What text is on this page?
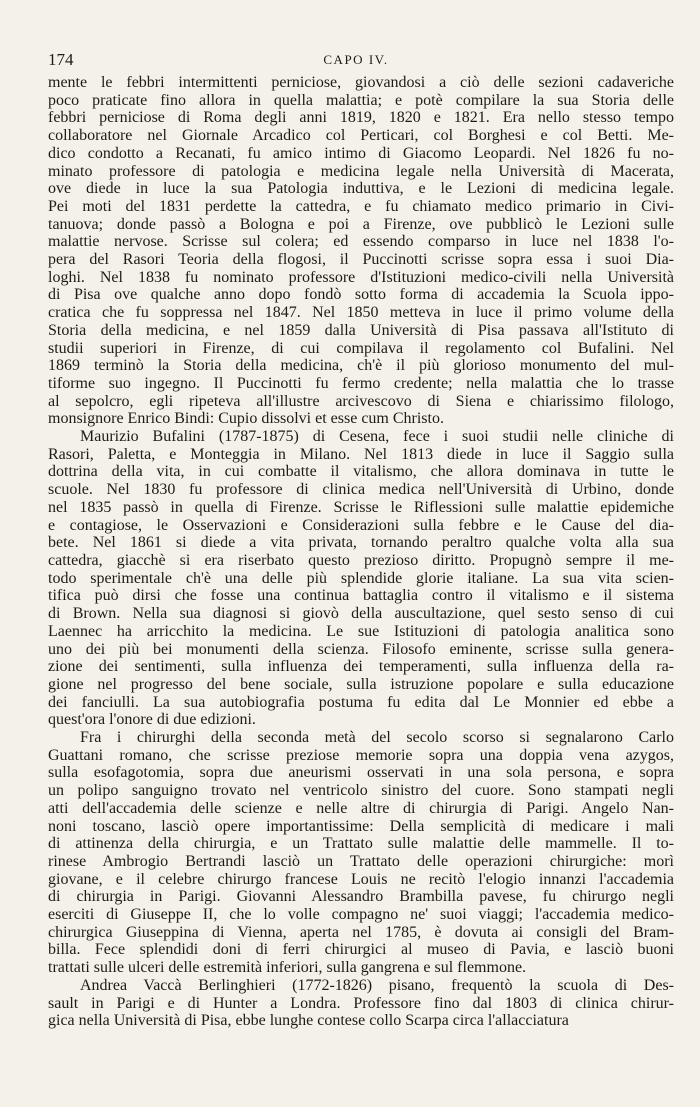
174	CAPO IV.
mente le febbri intermittenti perniciose, giovandosi a ciò delle sezioni cadaveriche
poco praticate fino allora in quella malattia; e potè compilare la sua Storia delle
febbri perniciose di Roma degli anni 1819, 1820 e 1821. Era nello stesso tempo
collaboratore nel Giornale Arcadico col Perticari, col Borghesi e col Betti. Me-
dico condotto a Recanati, fu amico intimo di Giacomo Leopardi. Nel 1826 fu no-
minato professore di patologia e medicina legale nella Università di Macerata,
ove diede in luce la sua Patologia induttiva, e le Lezioni di medicina legale.
Pei moti del 1831 perdette la cattedra, e fu chiamato medico primario in Civi-
tanuova; donde passò a Bologna e poi a Firenze, ove pubblicò le Lezioni sulle
malattie nervose. Scrisse sul colera; ed essendo comparso in luce nel 1838 l'o-
pera del Rasori Teoria della flogosi, il Puccinotti scrisse sopra essa i suoi Dia-
loghi. Nel 1838 fu nominato professore d'Istituzioni medico-civili nella Università
di Pisa ove qualche anno dopo fondò sotto forma di accademia la Scuola ippo-
cratica che fu soppressa nel 1847. Nel 1850 metteva in luce il primo volume della
Storia della medicina, e nel 1859 dalla Università di Pisa passava all'Istituto di
studii superiori in Firenze, di cui compilava il regolamento col Bufalini. Nel
1869 terminò la Storia della medicina, ch'è il più glorioso monumento del mul-
tiforme suo ingegno. Il Puccinotti fu fermo credente; nella malattia che lo trasse
al sepolcro, egli ripeteva all'illustre arcivescovo di Siena e chiarissimo filologo,
monsignore Enrico Bindi: Cupio dissolvi et esse cum Christo.
Maurizio Bufalini (1787-1875) di Cesena, fece i suoi studii nelle cliniche di
Rasori, Paletta, e Monteggia in Milano. Nel 1813 diede in luce il Saggio sulla
dottrina della vita, in cui combatte il vitalismo, che allora dominava in tutte le
scuole. Nel 1830 fu professore di clinica medica nell'Università di Urbino, donde
nel 1835 passò in quella di Firenze. Scrisse le Riflessioni sulle malattie epidemiche
e contagiose, le Osservazioni e Considerazioni sulla febbre e le Cause del dia-
bete. Nel 1861 si diede a vita privata, tornando peraltro qualche volta alla sua
cattedra, giacchè si era riserbato questo prezioso diritto. Propugnò sempre il me-
todo sperimentale ch'è una delle più splendide glorie italiane. La sua vita scien-
tifica può dirsi che fosse una continua battaglia contro il vitalismo e il sistema
di Brown. Nella sua diagnosi si giovò della auscultazione, quel sesto senso di cui
Laennec ha arricchito la medicina. Le sue Istituzioni di patologia analitica sono
uno dei più bei monumenti della scienza. Filosofo eminente, scrisse sulla genera-
zione dei sentimenti, sulla influenza dei temperamenti, sulla influenza della ra-
gione nel progresso del bene sociale, sulla istruzione popolare e sulla educazione
dei fanciulli. La sua autobiografia postuma fu edita dal Le Monnier ed ebbe a
quest'ora l'onore di due edizioni.
Fra i chirurghi della seconda metà del secolo scorso si segnalarono Carlo
Guattani romano, che scrisse preziose memorie sopra una doppia vena azygos,
sulla esofagotomia, sopra due aneurismi osservati in una sola persona, e sopra
un polipo sanguigno trovato nel ventricolo sinistro del cuore. Sono stampati negli
atti dell'accademia delle scienze e nelle altre di chirurgia di Parigi. Angelo Nan-
noni toscano, lasciò opere importantissime: Della semplicità di medicare i mali
di attinenza della chirurgia, e un Trattato sulle malattie delle mammelle. Il to-
rinese Ambrogio Bertrandi lasciò un Trattato delle operazioni chirurgiche: morì
giovane, e il celebre chirurgo francese Louis ne recitò l'elogio innanzi l'accademia
di chirurgia in Parigi. Giovanni Alessandro Brambilla pavese, fu chirurgo negli
eserciti di Giuseppe II, che lo volle compagno ne' suoi viaggi; l'accademia medico-
chirurgica Giuseppina di Vienna, aperta nel 1785, è dovuta ai consigli del Bram-
billa. Fece splendidi doni di ferri chirurgici al museo di Pavia, e lasciò buoni
trattati sulle ulceri delle estremità inferiori, sulla gangrena e sul flemmone.
Andrea Vaccà Berlinghieri (1772-1826) pisano, frequentò la scuola di Des-
sault in Parigi e di Hunter a Londra. Professore fino dal 1803 di clinica chirur-
gica nella Università di Pisa, ebbe lunghe contese collo Scarpa circa l'allacciatura
